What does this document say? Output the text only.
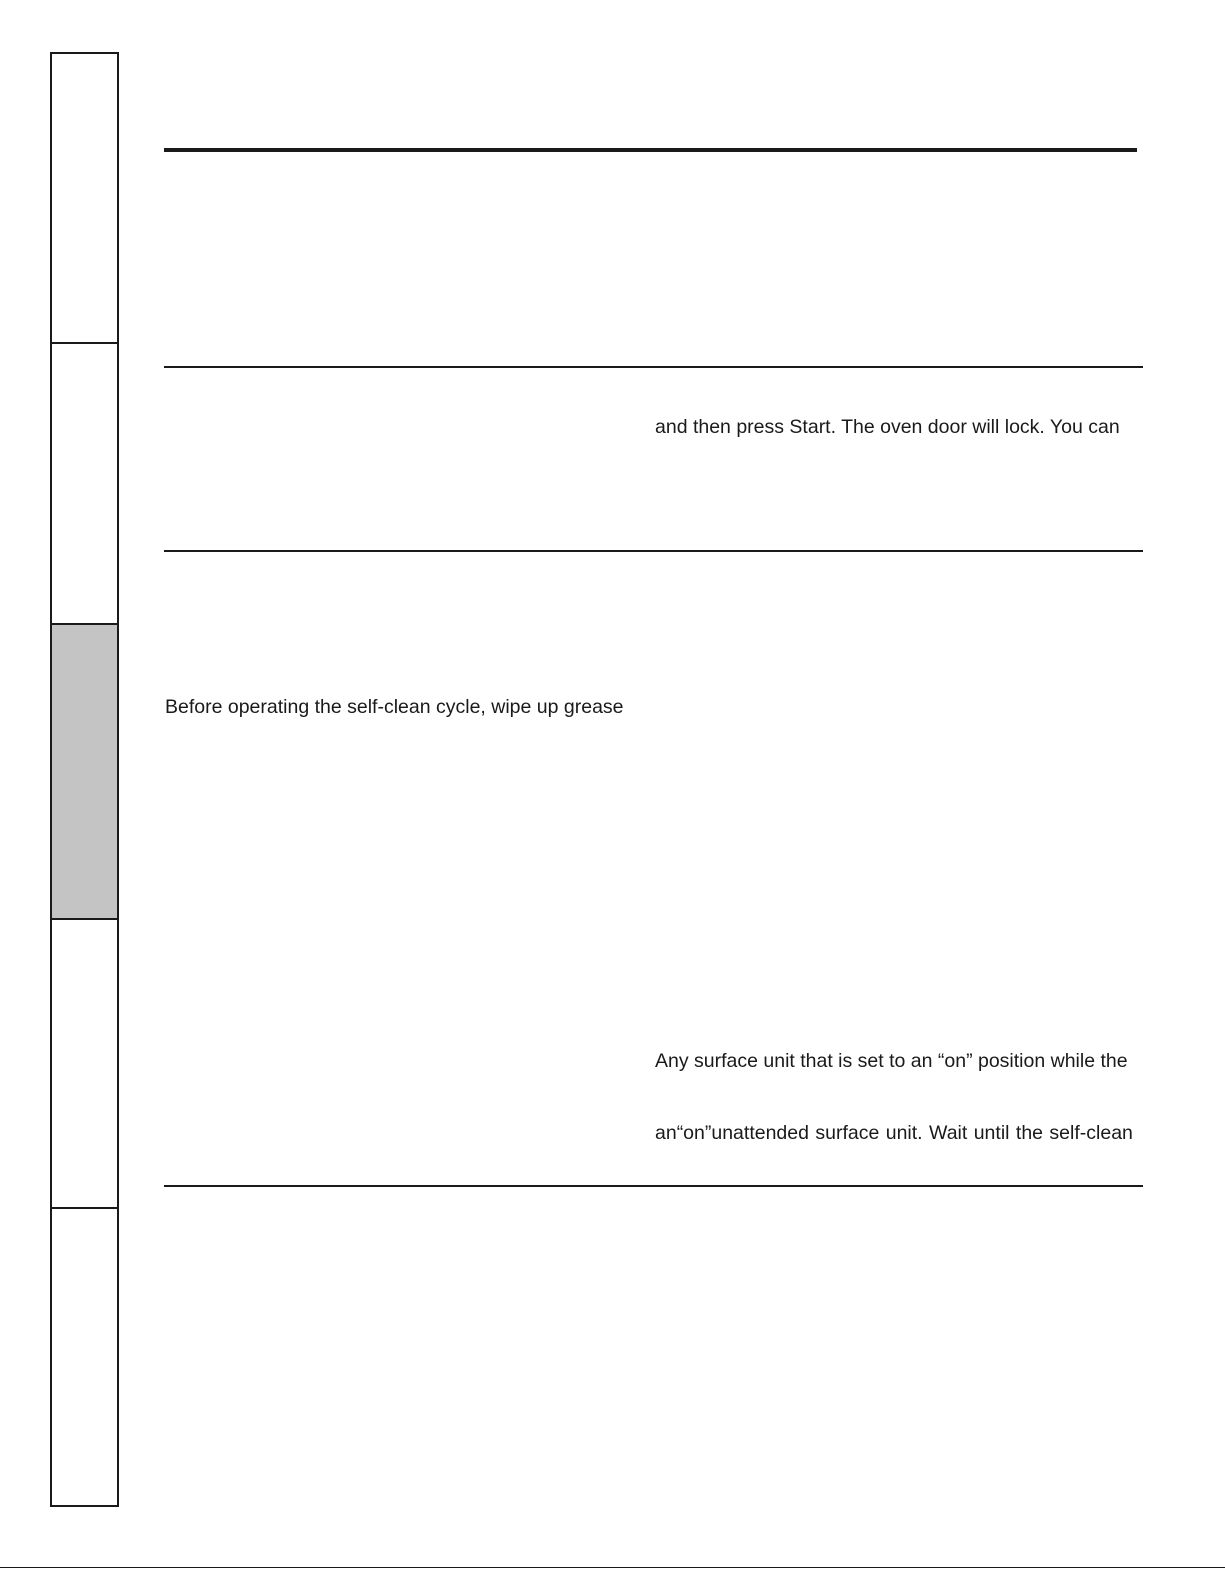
and then press Start. The oven door will lock. You can
Before operating the self-clean cycle, wipe up grease
Any surface unit that is set to an “on” position while the
an“on”unattended surface unit. Wait until the self-clean
